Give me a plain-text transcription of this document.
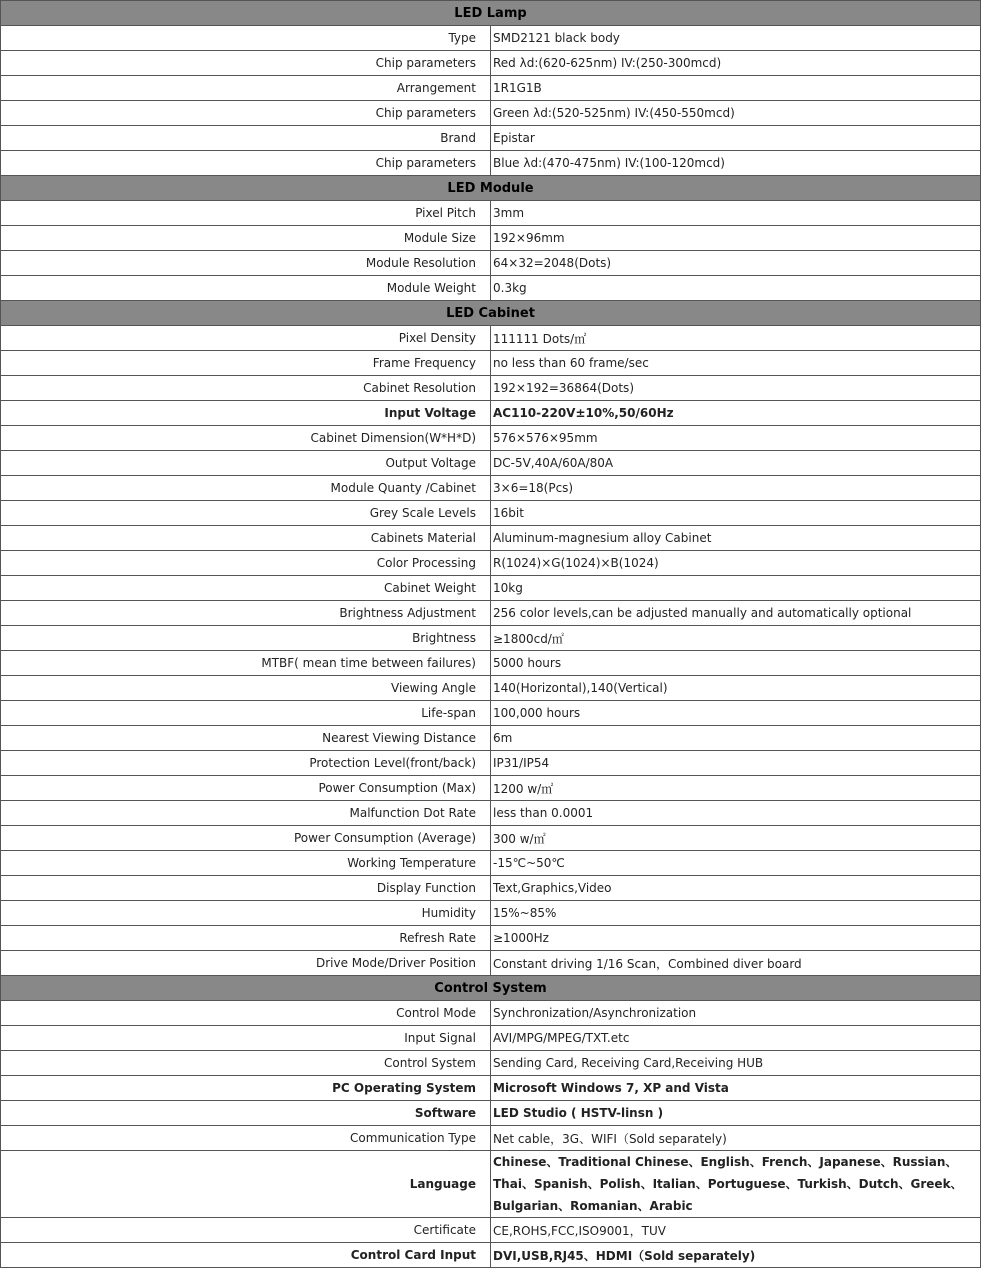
LED Lamp	
Type	SMD2121 black body
Chip parameters	Red λd:(620-625nm) IV:(250-300mcd)
Arrangement	1R1G1B
Chip parameters	Green λd:(520-525nm) IV:(450-550mcd)
Brand	Epistar
Chip parameters	Blue λd:(470-475nm) IV:(100-120mcd)
LED Module	
Pixel Pitch	3mm
Module Size	192×96mm
Module Resolution	64×32=2048(Dots)
Module Weight	0.3kg
LED Cabinet	
Pixel Density	111111 Dots/㎡
Frame Frequency	no less than 60 frame/sec
Cabinet Resolution	192×192=36864(Dots)
Input Voltage	AC110-220V±10%,50/60Hz
Cabinet Dimension(W*H*D)	576×576×95mm
Output Voltage	DC-5V,40A/60A/80A
Module Quanty /Cabinet	3×6=18(Pcs)
Grey Scale Levels	16bit
Cabinets Material	Aluminum-magnesium alloy Cabinet
Color Processing	R(1024)×G(1024)×B(1024)
Cabinet Weight	10kg
Brightness Adjustment	256 color levels,can be adjusted manually and automatically optional
Brightness	≥1800cd/㎡
MTBF( mean time between failures)	5000 hours
Viewing Angle	140(Horizontal),140(Vertical)
Life-span	100,000 hours
Nearest Viewing Distance	6m
Protection Level(front/back)	IP31/IP54
Power Consumption (Max)	1200 w/㎡
Malfunction Dot Rate	less than 0.0001
Power Consumption (Average)	300 w/㎡
Working Temperature	-15℃~50℃
Display Function	Text,Graphics,Video
Humidity	15%~85%
Refresh Rate	≥1000Hz
Drive Mode/Driver Position	Constant driving 1/16 Scan，Combined diver board
Control System	
Control Mode	Synchronization/Asynchronization
Input Signal	AVI/MPG/MPEG/TXT.etc
Control System	Sending Card, Receiving Card,Receiving HUB
PC Operating System	Microsoft Windows 7, XP and Vista
Software	LED Studio ( HSTV-linsn )
Communication Type	Net cable，3G、WIFI（Sold separately)
Language	Chinese、Traditional Chinese、English、French、Japanese、Russian、Thai、Spanish、Polish、Italian、Portuguese、Turkish、Dutch、Greek、Bulgarian、Romanian、Arabic
Certificate	CE,ROHS,FCC,ISO9001，TUV
Control Card Input	DVI,USB,RJ45、HDMI（Sold separately)
